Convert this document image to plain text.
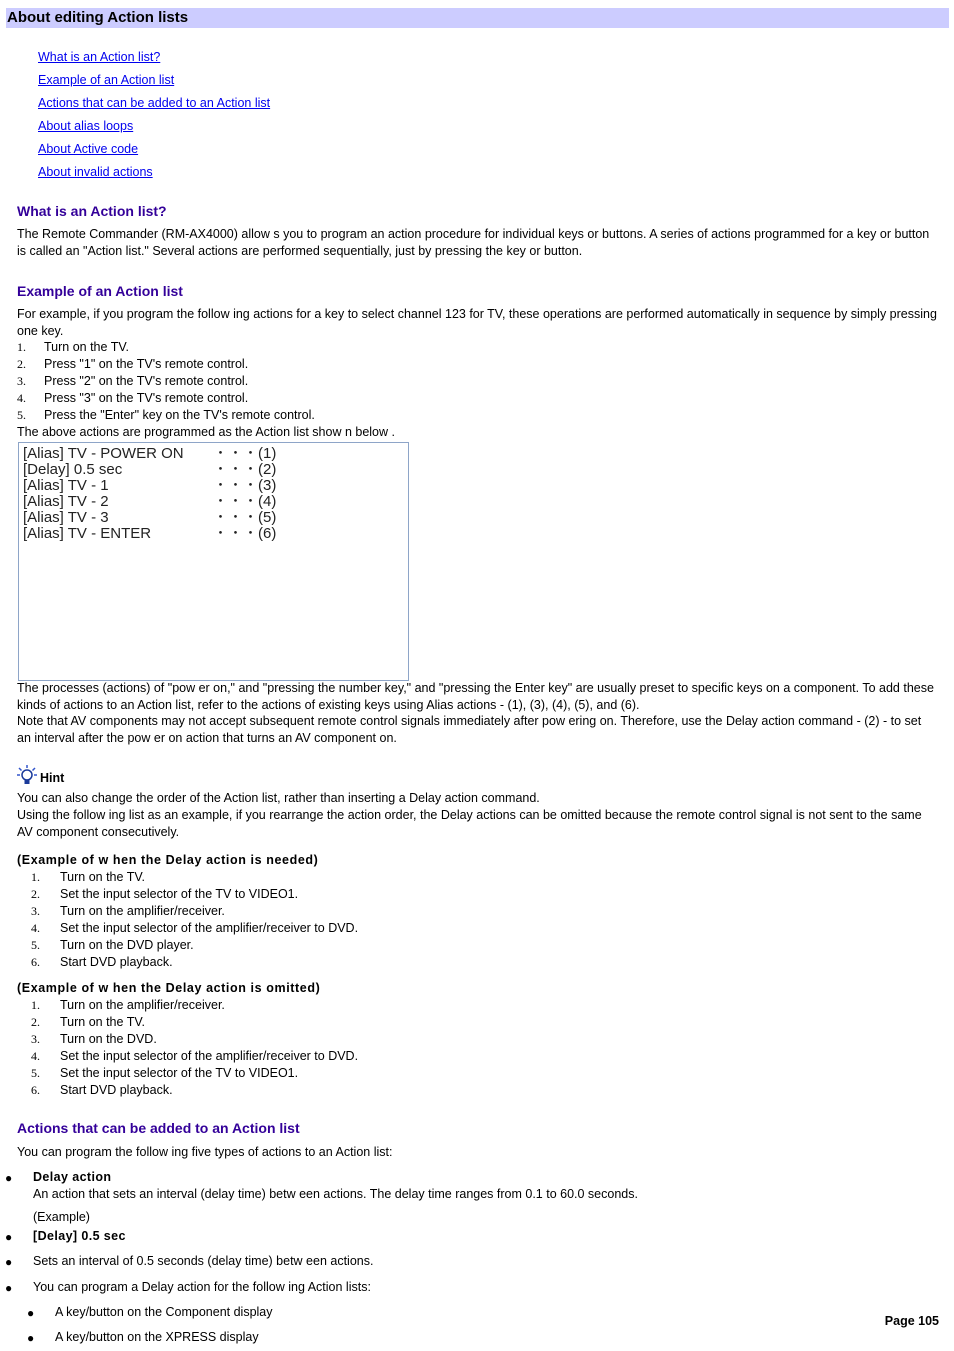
About editing Action lists
What is an Action list?
Example of an Action list
Actions that can be added to an Action list
About alias loops
About Active code
About invalid actions
What is an Action list?

The Remote Commander (RM-AX4000) allow s you to program an action procedure for individual keys or buttons. A series of actions programmed for a key or button is called an "Action list." Several actions are performed sequentially, just by pressing the key or button.

Example of an Action list

For example, if you program the follow ing actions for a key to select channel 123 for TV, these operations are performed automatically in sequence by simply pressing one key.

1. Turn on the TV.
2. Press "1" on the TV's remote control.
3. Press "2" on the TV's remote control.
4. Press "3" on the TV's remote control.
5. Press the "Enter" key on the TV's remote control.

The above actions are programmed as the Action list show n below .

[Alias] TV - POWER ON ・・・(1)
[Delay] 0.5 sec	・・・(2)
[Alias] TV - 1	・・・(3)
[Alias] TV - 2	・・・(4)
[Alias] TV - 3	・・・(5)
[Alias] TV - ENTER	・・・(6)

The processes (actions) of "pow er on," and "pressing the number key," and "pressing the Enter key" are usually preset to specific keys on a component. To add these kinds of actions to an Action list, refer to the actions of existing keys using Alias actions - (1), (3), (4), (5), and (6).

Note that AV components may not accept subsequent remote control signals immediately after pow ering on. Therefore, use the Delay action command - (2) - to set an interval after the pow er on action that turns an AV component on.

Hint

You can also change the order of the Action list, rather than inserting a Delay action command.

Using the follow ing list as an example, if you rearrange the action order, the Delay actions can be omitted because the remote control signal is not sent to the same AV component consecutively.

(Example of w hen the Delay action is needed)
1. Turn on the TV.
2. Set the input selector of the TV to VIDEO1.
3. Turn on the amplifier/receiver.
4. Set the input selector of the amplifier/receiver to DVD.
5. Turn on the DVD player.
6. Start DVD playback.
(Example of w hen the Delay action is omitted)
1. Turn on the amplifier/receiver.
2. Turn on the TV.
3. Turn on the DVD.
4. Set the input selector of the amplifier/receiver to DVD.
5. Set the input selector of the TV to VIDEO1.
6. Start DVD playback.
Actions that can be added to an Action list

You can program the follow ing five types of actions to an Action list:

● Delay action
An action that sets an interval (delay time) betw een actions. The delay time ranges from 0.1 to 60.0 seconds.
(Example)
● [Delay] 0.5 sec
● Sets an interval of 0.5 seconds (delay time) betw een actions.
● You can program a Delay action for the follow ing Action lists:
● A key/button on the Component display
● A key/button on the XPRESS display
Page 105
